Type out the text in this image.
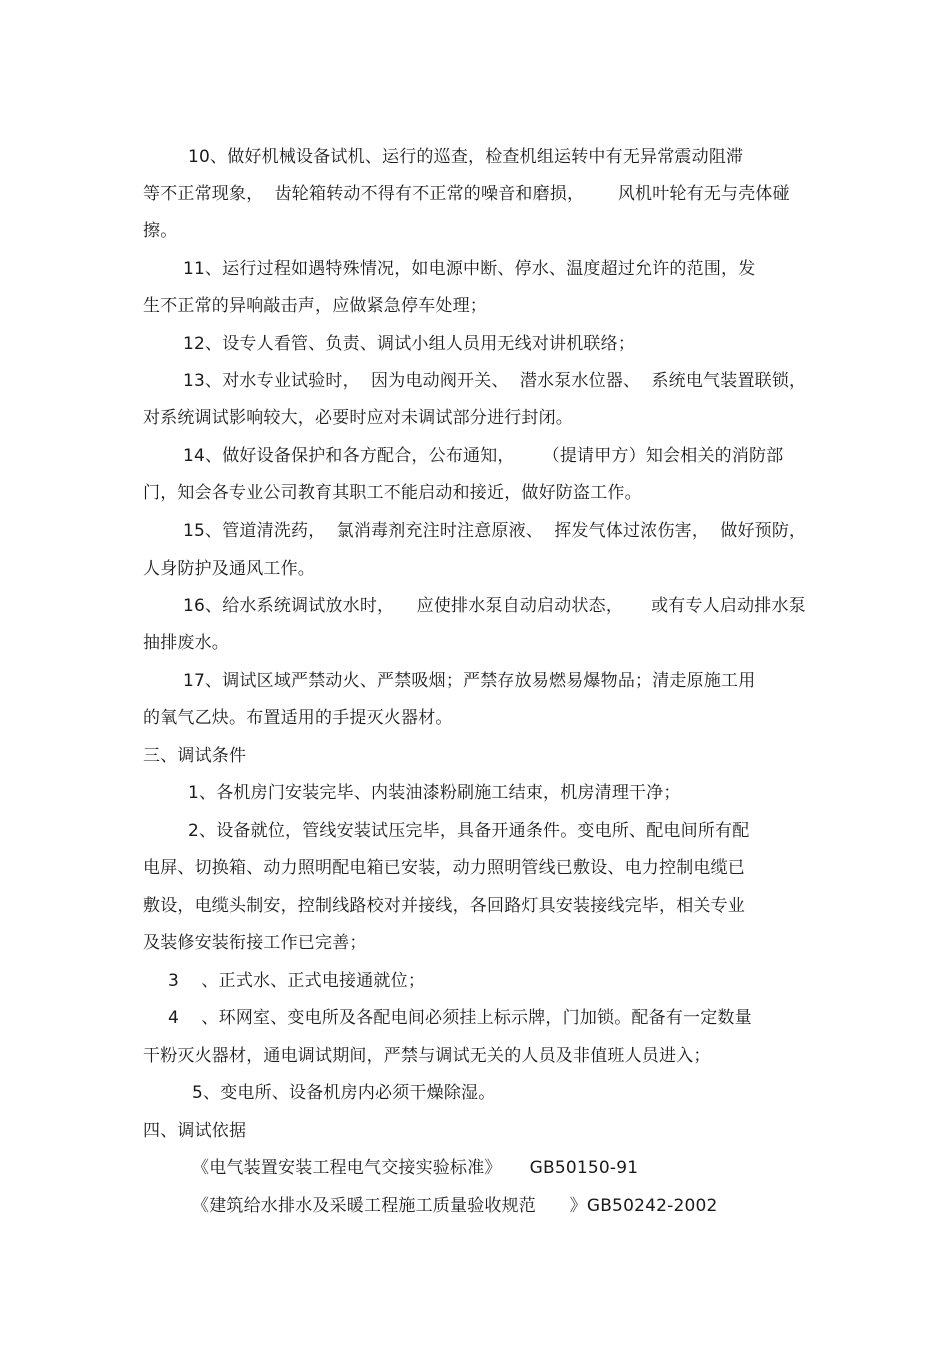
10、做好机械设备试机、运行的巡查，检查机组运转中有无异常震动阻滞
等不正常现象，  齿轮箱转动不得有不正常的噪音和磨损，      风机叶轮有无与壳体碰
擦。
11、运行过程如遇特殊情况，如电源中断、停水、温度超过允许的范围，发
生不正常的异响敲击声，应做紧急停车处理；
12、设专人看管、负责、调试小组人员用无线对讲机联络；
13、对水专业试验时，  因为电动阀开关、  潜水泵水位器、  系统电气装置联锁，
对系统调试影响较大，必要时应对未调试部分进行封闭。
14、做好设备保护和各方配合，公布通知，     （提请甲方）知会相关的消防部
门，知会各专业公司教育其职工不能启动和接近，做好防盗工作。
15、管道清洗药，  氯消毒剂充注时注意原液、  挥发气体过浓伤害，  做好预防，
人身防护及通风工作。
16、给水系统调试放水时，    应使排水泵自动启动状态，     或有专人启动排水泵
抽排废水。
17、调试区域严禁动火、严禁吸烟；严禁存放易燃易爆物品；清走原施工用
的氧气乙炔。布置适用的手提灭火器材。
三、调试条件
1、各机房门安装完毕、内装油漆粉刷施工结束，机房清理干净；
2、设备就位，管线安装试压完毕，具备开通条件。变电所、配电间所有配
电屏、切换箱、动力照明配电箱已安装，动力照明管线已敷设、电力控制电缆已
敷设，电缆头制安，控制线路校对并接线，各回路灯具安装接线完毕，相关专业
及装修安装衔接工作已完善；
3    、正式水、正式电接通就位；
4    、环网室、变电所及各配电间必须挂上标示牌，门加锁。配备有一定数量
干粉灭火器材，通电调试期间，严禁与调试无关的人员及非值班人员进入；
5、变电所、设备机房内必须干燥除湿。
四、调试依据
《电气装置安装工程电气交接实验标准》     GB50150-91
《建筑给水排水及采暖工程施工质量验收规范      》GB50242-2002
